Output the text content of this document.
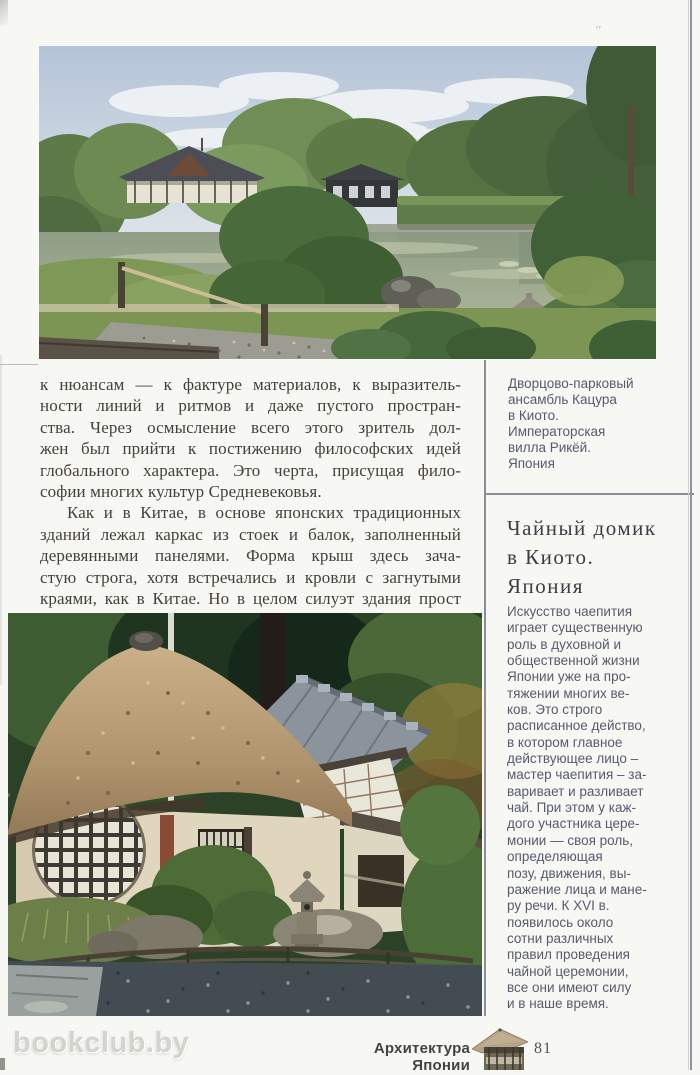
к нюансам — к фактуре материалов, к выразитель-
ности линий и ритмов и даже пустого простран-
ства. Через осмысление всего этого зритель дол-
жен был прийти к постижению философских идей
глобального характера. Это черта, присущая фило-
софии многих культур Средневековья.
Как и в Китае, в основе японских традиционных
зданий лежал каркас из стоек и балок, заполненный
деревянными панелями. Форма крыш здесь зача-
стую строга, хотя встречались и кровли с загнутыми
краями, как в Китае. Но в целом силуэт здания прост
Дворцово-парковый
ансамбль Кацура
в Киото.
Императорская
вилла Рикёй.
Япония
Чайный домик
в Киото.
Япония
Искусство чаепития
играет существенную
роль в духовной и
общественной жизни
Японии уже на про-
тяжении многих ве-
ков. Это строго
расписанное действо,
в котором главное
действующее лицо –
мастер чаепития – за-
варивает и разливает
чай. При этом у каж-
дого участника цере-
монии — своя роль,
определяющая
позу, движения, вы-
ражение лица и мане-
ру речи. К XVI в.
появилось около
сотни различных
правил проведения
чайной церемонии,
все они имеют силу
и в наше время.
bookclub.by	Архитектура Японии
81
′′
